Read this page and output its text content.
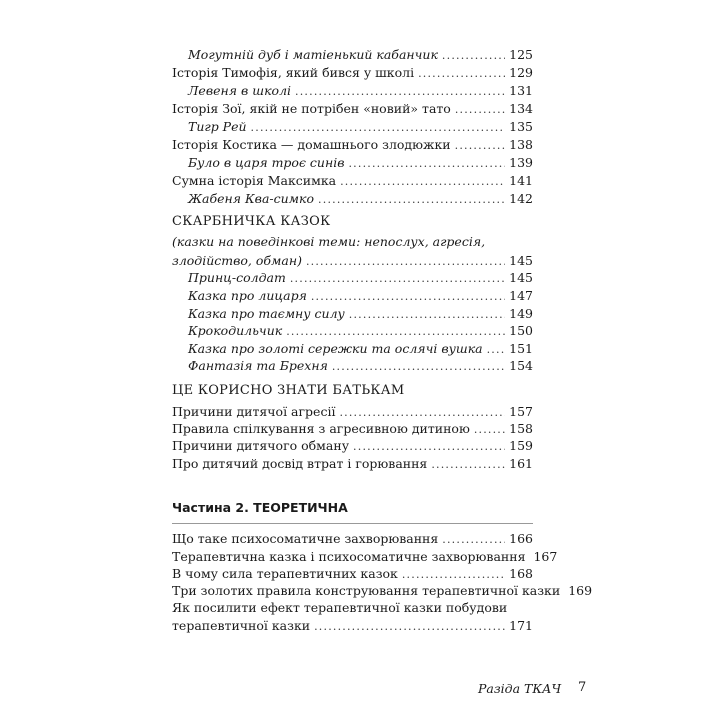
Могутній дуб і матіенький кабанчик .....	125
Історія Тимофія, який бився у школі .....	129
Левеня в школі .....	131
Історія Зої, якій не потрібен «новий» тато .....	134
Тигр Рей .....	135
Історія Костика — домашнього злодюжки .....	138
Було в царя троє синів .....	139
Сумна історія Максимка .....	141
Жабеня Ква-симко .....	142
СКАРБНИЧКА КАЗОК
(казки на поведінкові теми: непослух, агресія,
злодійство, обман) .....	145
Принц-солдат .....	145
Казка про лицаря .....	147
Казка про таємну силу .....	149
Крокодильчик .....	150
Казка про золоті сережки та ослячі вушка ..... 151
Фантазія та Брехня .....	154
ЦЕ КОРИСНО ЗНАТИ БАТЬКАМ
Причини дитячої агресії .....	157
Правила спілкування з агресивною дитиною .....	158
Причини дитячого обману .....	159
Про дитячий досвід втрат і горювання .....	161
Частина 2. ТЕОРЕТИЧНА
Що таке психосоматичне захворювання .....	166
Терапевтична казка і психосоматичне захворювання 167
В чому сила терапевтичних казок .....	168
Три золотих правила конструювання терапевтичної казки 169
Як посилити ефект терапевтичної казки побудови
терапевтичної казки .....	171
Разіда ТКАЧ 7
